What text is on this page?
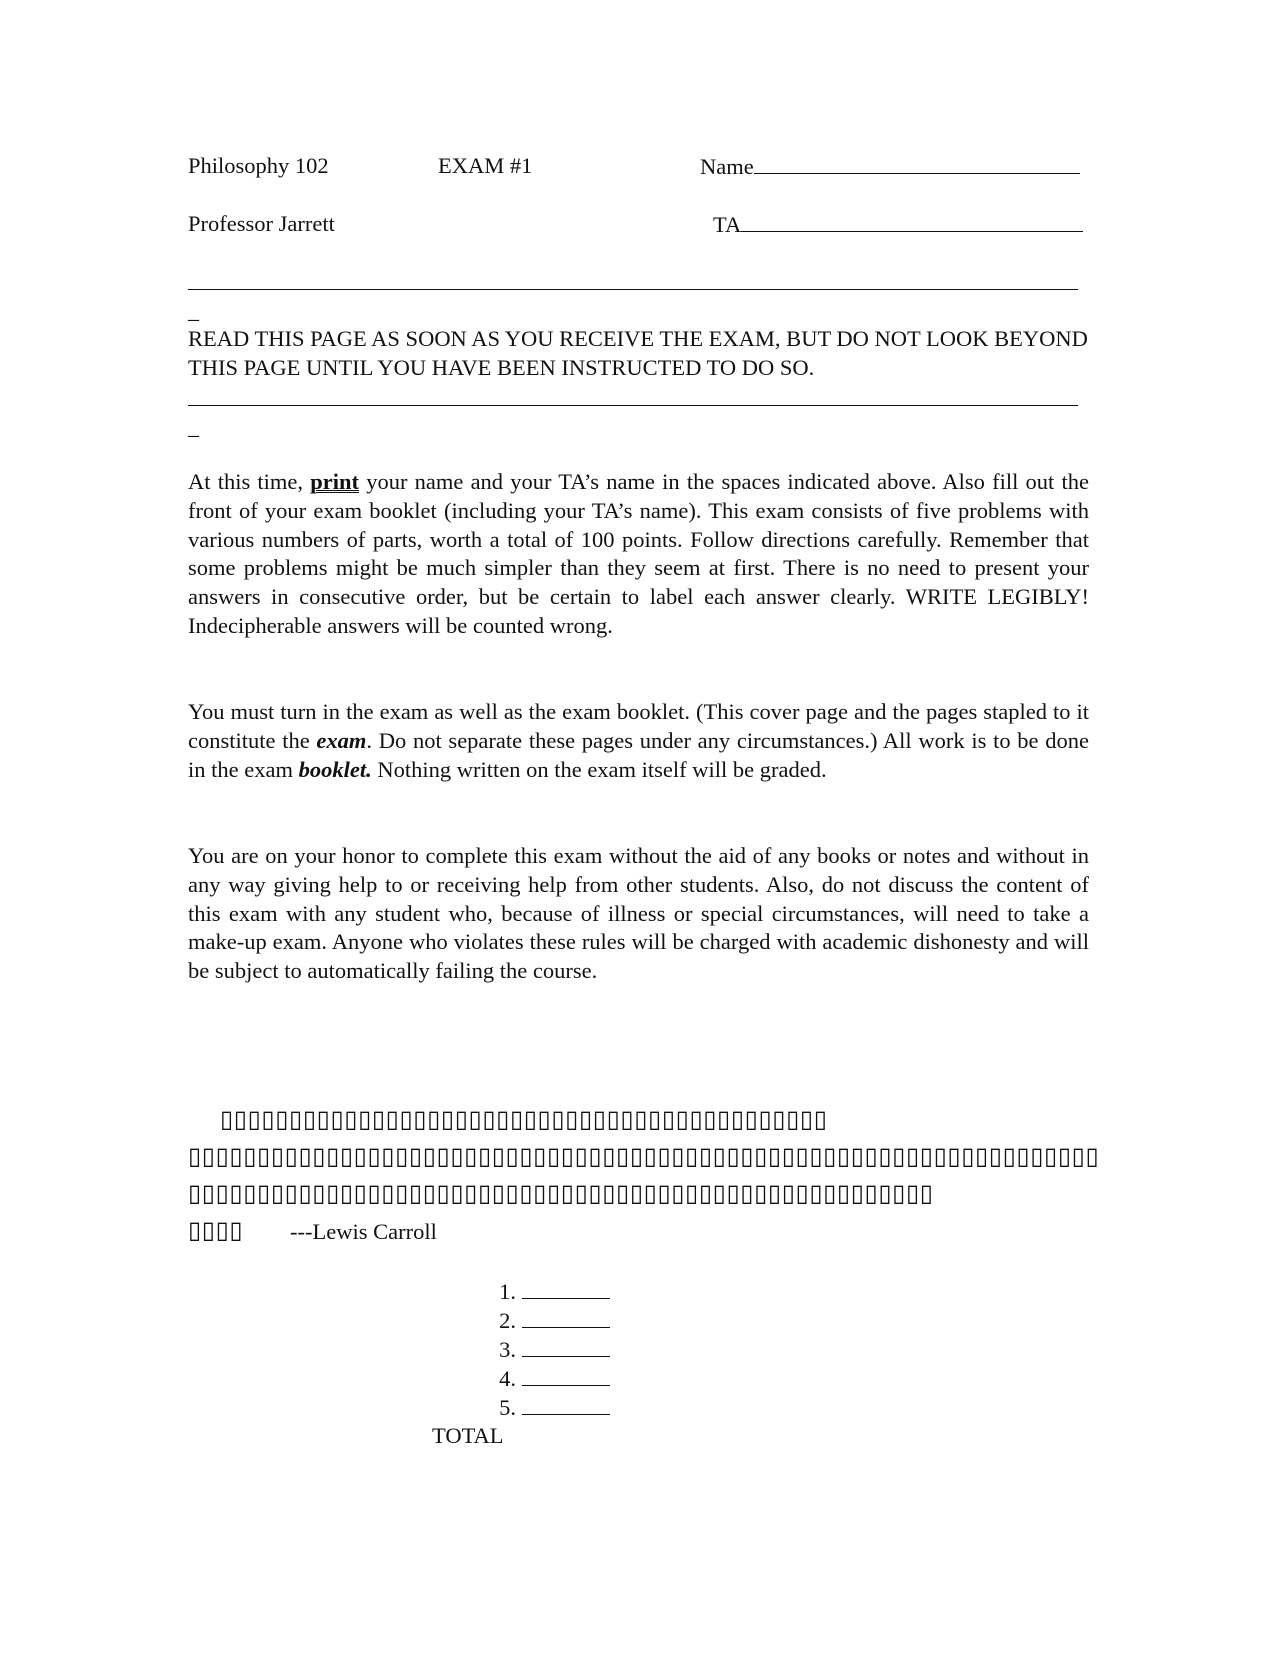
Philosophy 102	EXAM #1	Name
Professor Jarrett	TA
_
READ THIS PAGE AS SOON AS YOU RECEIVE THE EXAM, BUT DO NOT LOOK BEYOND THIS PAGE UNTIL YOU HAVE BEEN INSTRUCTED TO DO SO.
_
At this time, print your name and your TA’s name in the spaces indicated above. Also fill out the front of your exam booklet (including your TA’s name). This exam consists of five problems with various numbers of parts, worth a total of 100 points. Follow directions carefully. Remember that some problems might be much simpler than they seem at first. There is no need to present your answers in consecutive order, but be certain to label each answer clearly. WRITE LEGIBLY! Indecipherable answers will be counted wrong.
You must turn in the exam as well as the exam booklet. (This cover page and the pages stapled to it constitute the exam. Do not separate these pages under any circumstances.) All work is to be done in the exam booklet. Nothing written on the exam itself will be graded.
You are on your honor to complete this exam without the aid of any books or notes and without in any way giving help to or receiving help from other students. Also, do not discuss the content of this exam with any student who, because of illness or special circumstances, will need to take a make-up exam. Anyone who violates these rules will be charged with academic dishonesty and will be subject to automatically failing the course.
▯▯▯▯▯▯▯▯▯▯▯▯▯▯▯▯▯▯▯▯▯▯▯▯▯▯▯▯▯▯▯▯▯▯▯▯▯▯▯▯▯▯▯▯
▯▯▯▯▯▯▯▯▯▯▯▯▯▯▯▯▯▯▯▯▯▯▯▯▯▯▯▯▯▯▯▯▯▯▯▯▯▯▯▯▯▯▯▯▯▯▯▯▯▯▯▯▯▯▯▯▯▯▯▯▯▯▯▯▯▯
▯▯▯▯▯▯▯▯▯▯▯▯▯▯▯▯▯▯▯▯▯▯▯▯▯▯▯▯▯▯▯▯▯▯▯▯▯▯▯▯▯▯▯▯▯▯▯▯▯▯▯▯▯▯
▯▯▯▯ ---Lewis Carroll
1.
2.
3.
4.
5.
TOTAL
